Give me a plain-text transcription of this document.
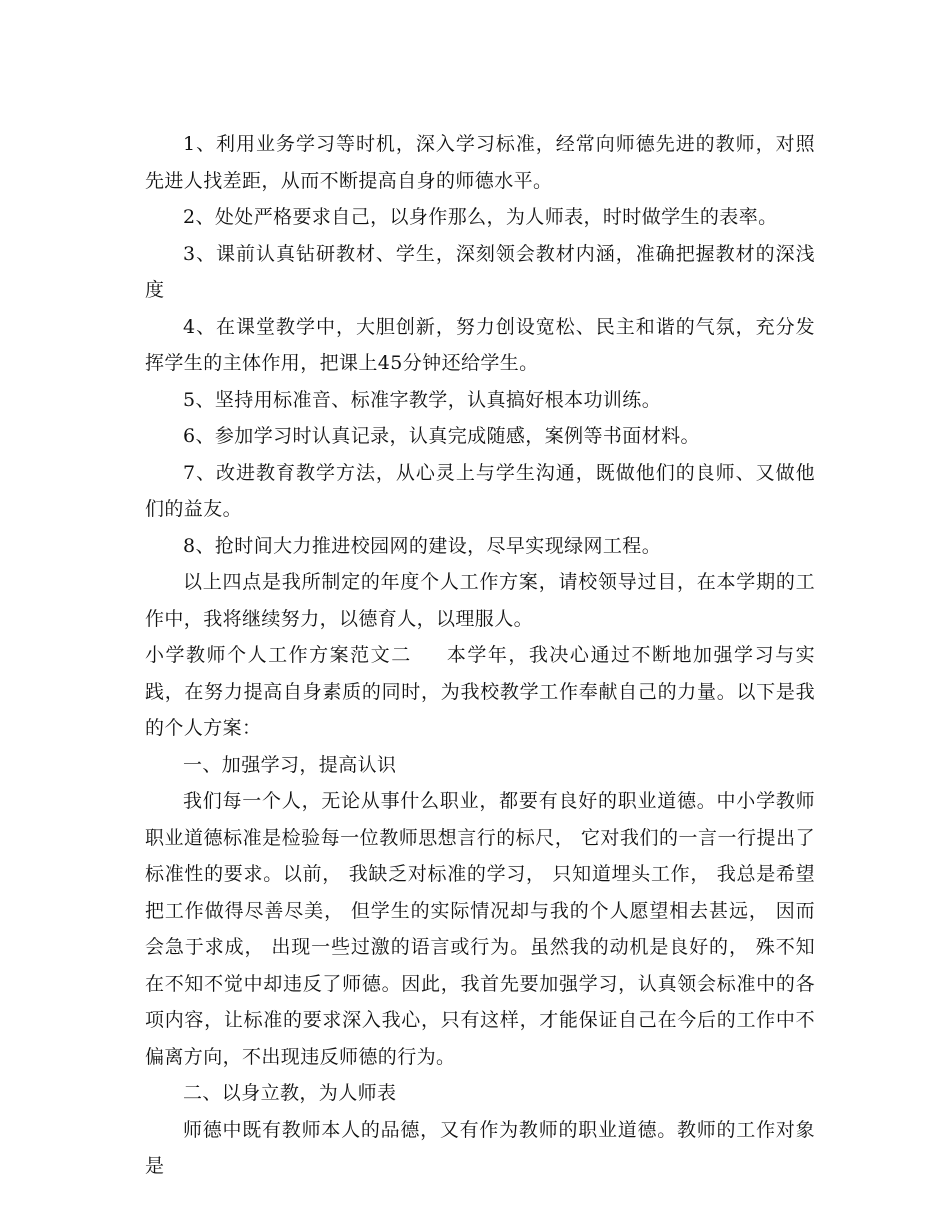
1、利用业务学习等时机，深入学习标准，经常向师德先进的教师，对照先进人找差距，从而不断提高自身的师德水平。

2、处处严格要求自己，以身作那么，为人师表，时时做学生的表率。

3、课前认真钻研教材、学生，深刻领会教材内涵，准确把握教材的深浅度

4、在课堂教学中，大胆创新，努力创设宽松、民主和谐的气氛，充分发挥学生的主体作用，把课上45分钟还给学生。

5、坚持用标准音、标准字教学，认真搞好根本功训练。

6、参加学习时认真记录，认真完成随感，案例等书面材料。

7、改进教育教学方法，从心灵上与学生沟通，既做他们的良师、又做他们的益友。

8、抢时间大力推进校园网的建设，尽早实现绿网工程。

以上四点是我所制定的年度个人工作方案，请校领导过目，在本学期的工作中，我将继续努力，以德育人，以理服人。

小学教师个人工作方案范文二 本学年，我决心通过不断地加强学习与实践，在努力提高自身素质的同时，为我校教学工作奉献自己的力量。以下是我的个人方案：

一、加强学习，提高认识

我们每一个人，无论从事什么职业，都要有良好的职业道德。中小学教师职业道德标准是检验每一位教师思想言行的标尺， 它对我们的一言一行提出了标准性的要求。以前， 我缺乏对标准的学习， 只知道埋头工作， 我总是希望把工作做得尽善尽美， 但学生的实际情况却与我的个人愿望相去甚远， 因而会急于求成， 出现一些过激的语言或行为。虽然我的动机是良好的， 殊不知在不知不觉中却违反了师德。因此，我首先要加强学习，认真领会标准中的各项内容，让标准的要求深入我心，只有这样，才能保证自己在今后的工作中不偏离方向，不出现违反师德的行为。

二、以身立教，为人师表

师德中既有教师本人的品德，又有作为教师的职业道德。教师的工作对象是
